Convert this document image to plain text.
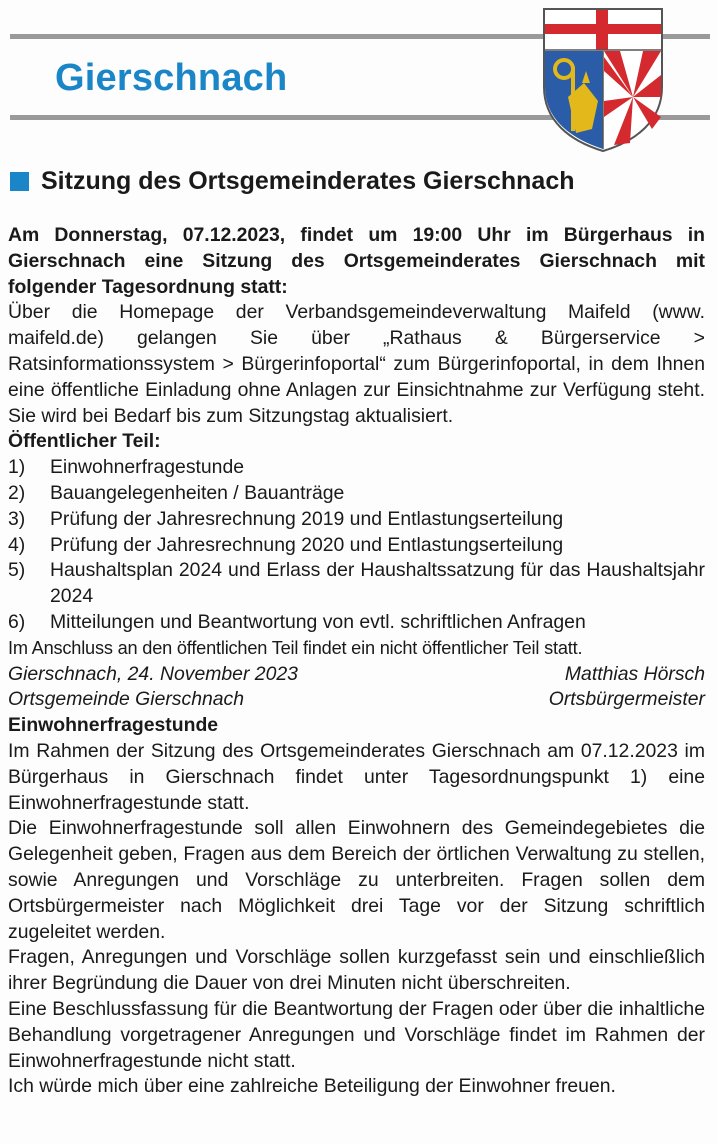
Gierschnach
Sitzung des Ortsgemeinderates Gierschnach

Am Donnerstag, 07.12.2023, findet um 19:00 Uhr im Bürgerhaus in Gierschnach eine Sitzung des Ortsgemeinderates Gierschnach mit folgender Tagesordnung statt:

Über die Homepage der Verbandsgemeindeverwaltung Maifeld (www. maifeld.de) gelangen Sie über „Rathaus & Bürgerservice > Ratsinformationssystem > Bürgerinfoportal“ zum Bürgerinfoportal, in dem Ihnen eine öffentliche Einladung ohne Anlagen zur Einsichtnahme zur Verfügung steht. Sie wird bei Bedarf bis zum Sitzungstag aktualisiert.

Öffentlicher Teil:

1)	Einwohnerfragestunde
2)	Bauangelegenheiten / Bauanträge
3)	Prüfung der Jahresrechnung 2019 und Entlastungserteilung
4)	Prüfung der Jahresrechnung 2020 und Entlastungserteilung
5)	Haushaltsplan 2024 und Erlass der Haushaltssatzung für das Haushaltsjahr 2024
6)	Mitteilungen und Beantwortung von evtl. schriftlichen Anfragen

Im Anschluss an den öffentlichen Teil findet ein nicht öffentlicher Teil statt.

Gierschnach, 24. November 2023	Matthias Hörsch
Ortsgemeinde Gierschnach	Ortsbürgermeister

Einwohnerfragestunde

Im Rahmen der Sitzung des Ortsgemeinderates Gierschnach am 07.12.2023 im Bürgerhaus in Gierschnach findet unter Tagesordnungspunkt 1) eine Einwohnerfragestunde statt.

Die Einwohnerfragestunde soll allen Einwohnern des Gemeindegebietes die Gelegenheit geben, Fragen aus dem Bereich der örtlichen Verwaltung zu stellen, sowie Anregungen und Vorschläge zu unterbreiten. Fragen sollen dem Ortsbürgermeister nach Möglichkeit drei Tage vor der Sitzung schriftlich zugeleitet werden.

Fragen, Anregungen und Vorschläge sollen kurzgefasst sein und einschließlich ihrer Begründung die Dauer von drei Minuten nicht überschreiten.

Eine Beschlussfassung für die Beantwortung der Fragen oder über die inhaltliche Behandlung vorgetragener Anregungen und Vorschläge findet im Rahmen der Einwohnerfragestunde nicht statt.

Ich würde mich über eine zahlreiche Beteiligung der Einwohner freuen.
